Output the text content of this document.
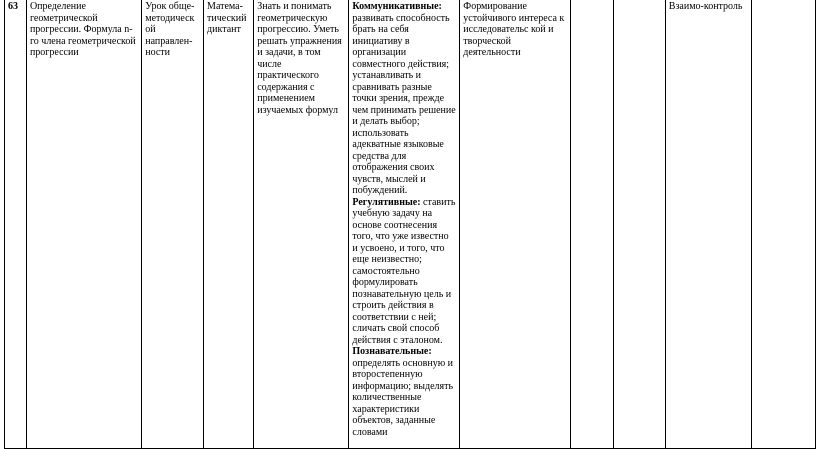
63	Определение геометрической прогрессии. Формула n-го члена геометрической прогрессии	Урок обще-методическ ой направлен-ности	Матема-тический диктант	Знать и понимать геометрическую прогрессию. Уметь решать упражнения и задачи, в том числе практического содержания с применением изучаемых формул	Коммуникативные: развивать способность брать на себя инициативу в организации совместного действия; устанавливать и сравнивать разные точки зрения, прежде чем принимать решение и делать выбор; использовать адекватные языковые средства для отображения своих чувств, мыслей и побуждений. Регулятивные: ставить учебную задачу на основе соотнесения того, что уже известно и усвоено, и того, что еще неизвестно; самостоятельно формулировать познавательную цель и строить действия в соответствии с ней; сличать свой способ действия с эталоном. Познавательные: определять основную и второстепенную информацию; выделять количественные характеристики объектов, заданные словами	Формирование устойчивого интереса к исследовательс кой и творческой деятельности			Взаимо-контроль	
